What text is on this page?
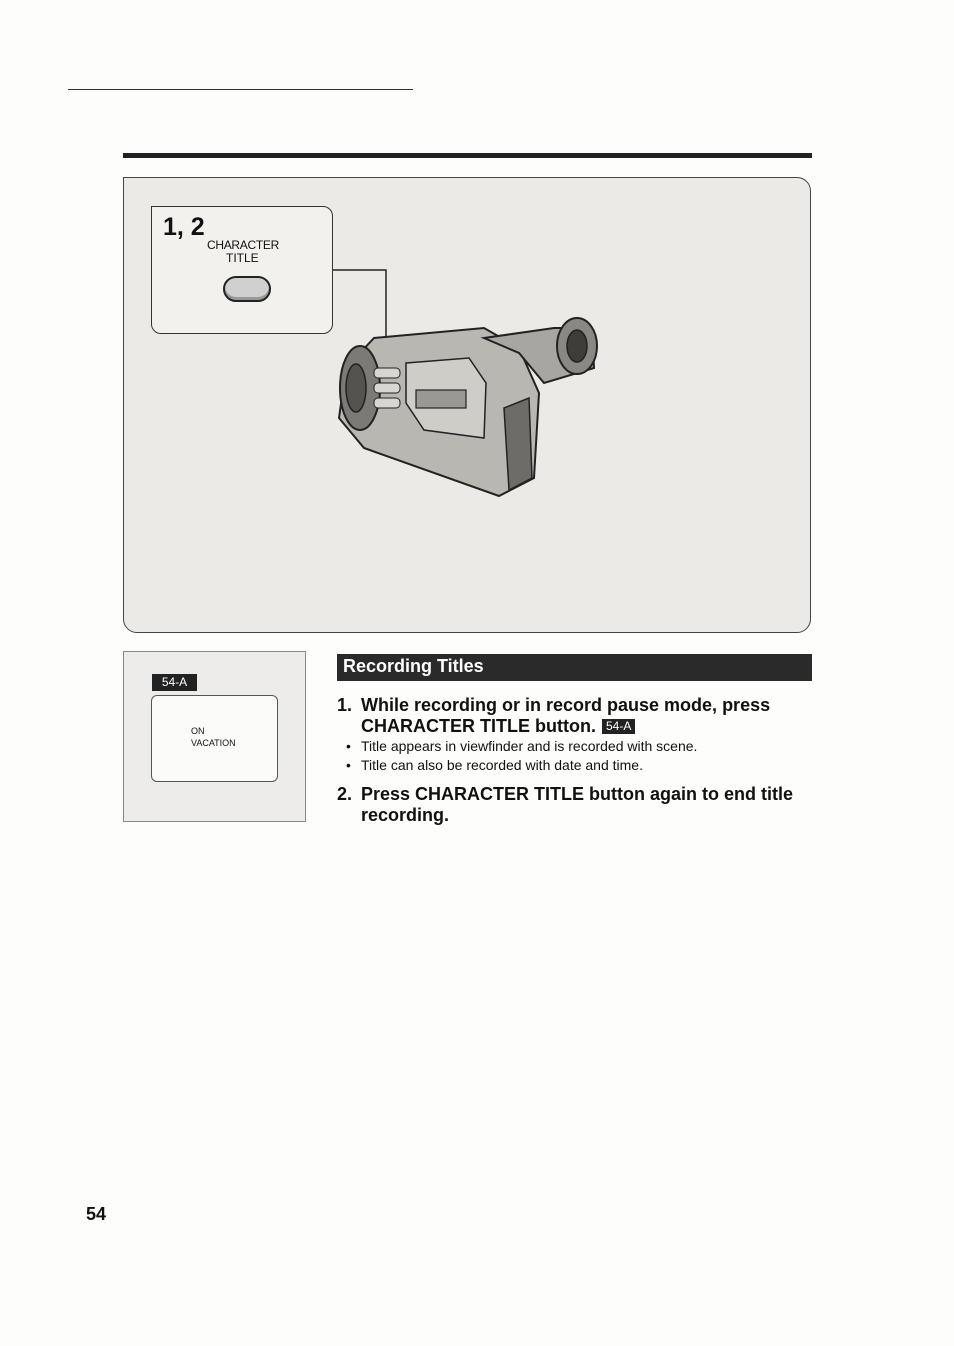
1, 2
CHARACTER
TITLE
54-A
ON
VACATION
Recording Titles
1. While recording or in record pause mode, press CHARACTER TITLE button. 54-A
• Title appears in viewfinder and is recorded with scene.
• Title can also be recorded with date and time.
2. Press CHARACTER TITLE button again to end title recording.
54
